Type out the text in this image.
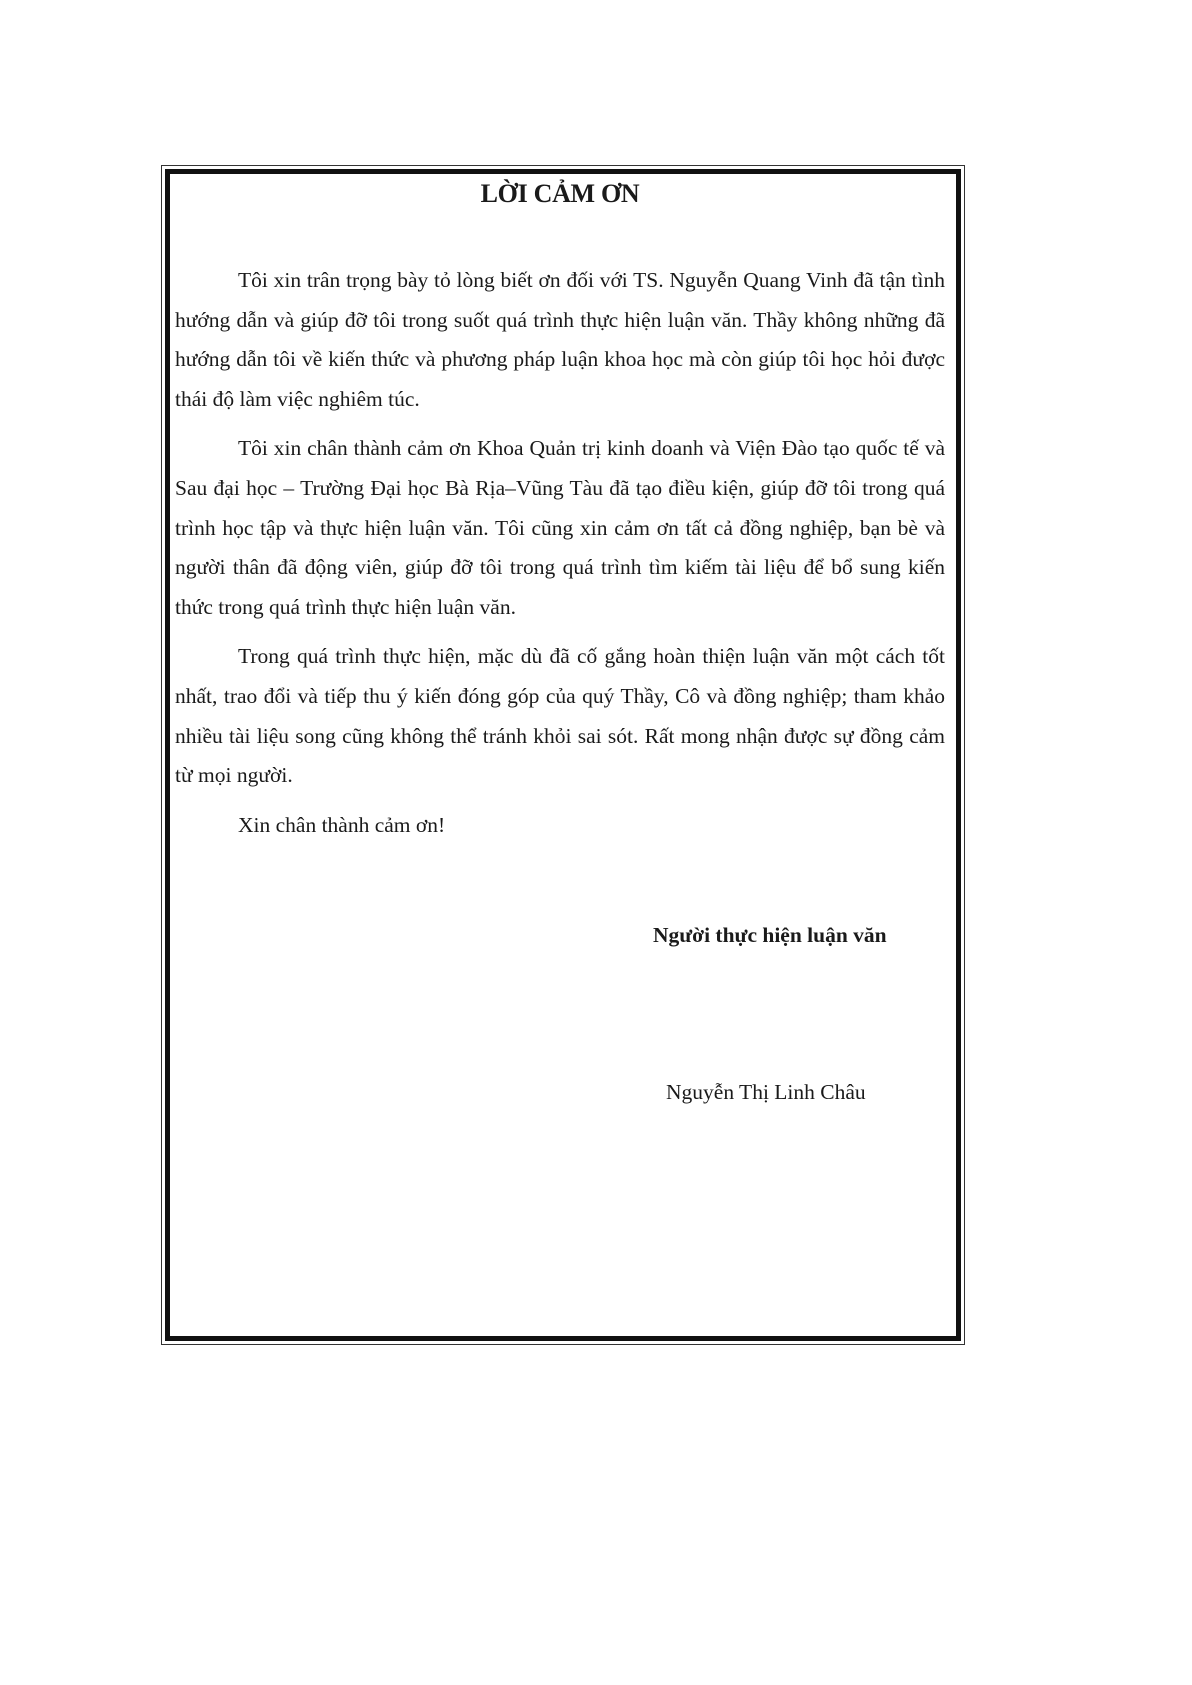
LỜI CẢM ƠN

Tôi xin trân trọng bày tỏ lòng biết ơn đối với TS. Nguyễn Quang Vinh đã tận tình hướng dẫn và giúp đỡ tôi trong suốt quá trình thực hiện luận văn. Thầy không những đã hướng dẫn tôi về kiến thức và phương pháp luận khoa học mà còn giúp tôi học hỏi được thái độ làm việc nghiêm túc.

Tôi xin chân thành cảm ơn Khoa Quản trị kinh doanh và Viện Đào tạo quốc tế và Sau đại học – Trường Đại học Bà Rịa–Vũng Tàu đã tạo điều kiện, giúp đỡ tôi trong quá trình học tập và thực hiện luận văn. Tôi cũng xin cảm ơn tất cả đồng nghiệp, bạn bè và người thân đã động viên, giúp đỡ tôi trong quá trình tìm kiếm tài liệu để bổ sung kiến thức trong quá trình thực hiện luận văn.

Trong quá trình thực hiện, mặc dù đã cố gắng hoàn thiện luận văn một cách tốt nhất, trao đổi và tiếp thu ý kiến đóng góp của quý Thầy, Cô và đồng nghiệp; tham khảo nhiều tài liệu song cũng không thể tránh khỏi sai sót. Rất mong nhận được sự đồng cảm từ mọi người.

Xin chân thành cảm ơn!

Người thực hiện luận văn
Nguyễn Thị Linh Châu
